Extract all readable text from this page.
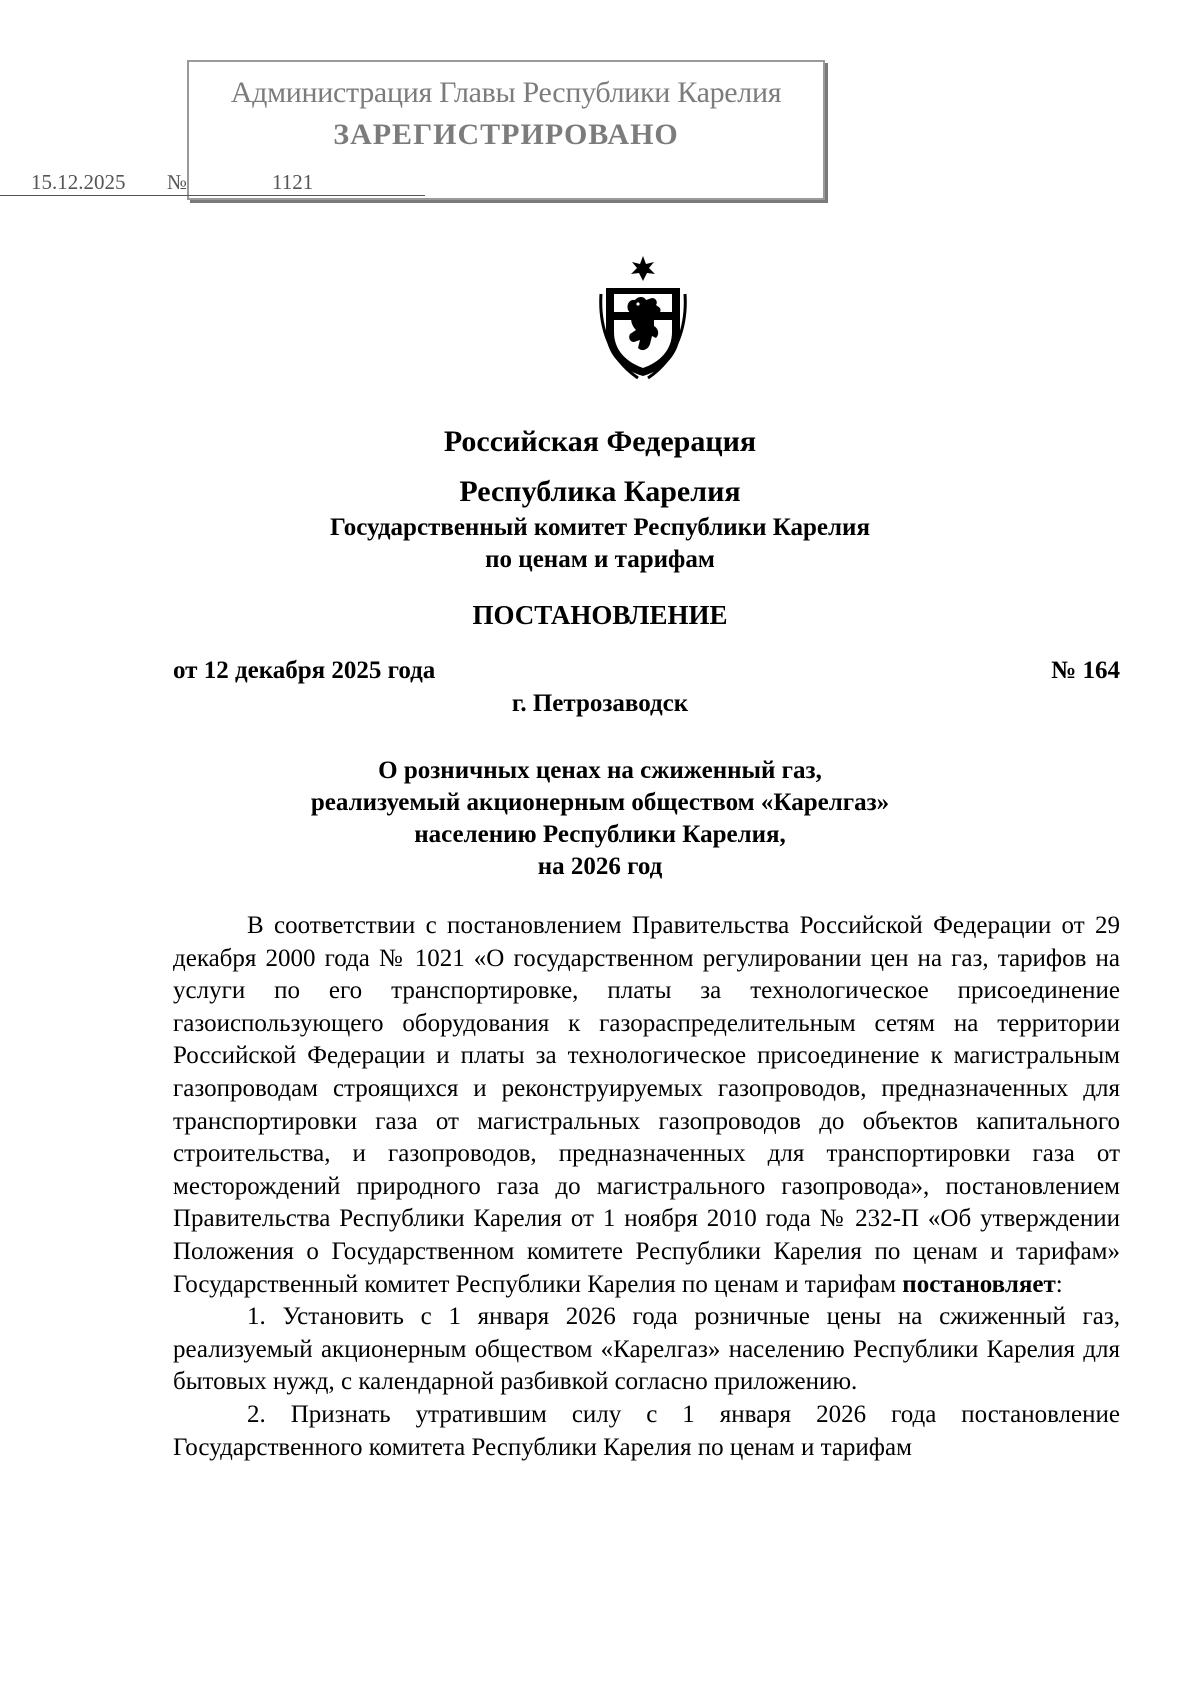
Администрация Главы Республики Карелия
ЗАРЕГИСТРИРОВАНО
15.12.2025 №	1121
Российская Федерация
Республика Карелия
Государственный комитет Республики Карелия
по ценам и тарифам
ПОСТАНОВЛЕНИЕ
от 12 декабря 2025 года	№ 164
г. Петрозаводск
О розничных ценах на сжиженный газ,
реализуемый акционерным обществом «Карелгаз»
населению Республики Карелия,
на 2026 год

В соответствии с постановлением Правительства Российской Федерации от 29 декабря 2000 года № 1021 «О государственном регулировании цен на газ, тарифов на услуги по его транспортировке, платы за технологическое присоединение газоиспользующего оборудования к газораспределительным сетям на территории Российской Федерации и платы за технологическое присоединение к магистральным газопроводам строящихся и реконструируемых газопроводов, предназначенных для транспортировки газа от магистральных газопроводов до объектов капитального строительства, и газопроводов, предназначенных для транспортировки газа от месторождений природного газа до магистрального газопровода», постановлением Правительства Республики Карелия от 1 ноября 2010 года № 232-П «Об утверждении Положения о Государственном комитете Республики Карелия по ценам и тарифам» Государственный комитет Республики Карелия по ценам и тарифам постановляет:

1. Установить с 1 января 2026 года розничные цены на сжиженный газ, реализуемый акционерным обществом «Карелгаз» населению Республики Карелия для бытовых нужд, с календарной разбивкой согласно приложению.

2. Признать утратившим силу с 1 января 2026 года постановление Государственного комитета Республики Карелия по ценам и тарифам
